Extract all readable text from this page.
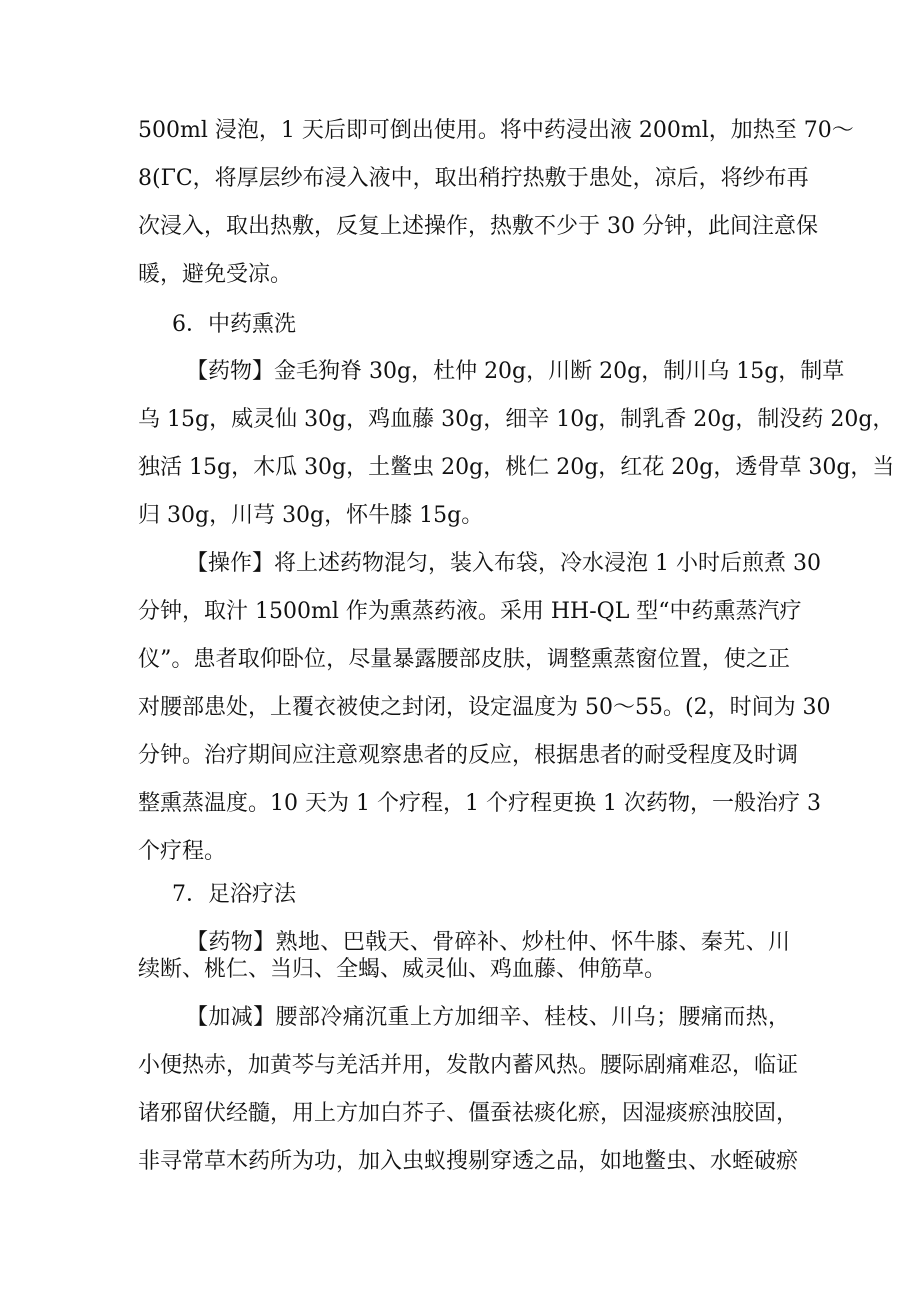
500ml 浸泡，1 天后即可倒出使用。将中药浸出液 200ml，加热至 70～
8(ΓC，将厚层纱布浸入液中，取出稍拧热敷于患处，凉后，将纱布再
次浸入，取出热敷，反复上述操作，热敷不少于 30 分钟，此间注意保
暖，避免受凉。
6．中药熏洗
【药物】金毛狗脊 30g，杜仲 20g，川断 20g，制川乌 15g，制草
乌 15g，威灵仙 30g，鸡血藤 30g，细辛 10g，制乳香 20g，制没药 20g，
独活 15g，木瓜 30g，土鳖虫 20g，桃仁 20g，红花 20g，透骨草 30g，当
归 30g，川芎 30g，怀牛膝 15g。
【操作】将上述药物混匀，装入布袋，冷水浸泡 1 小时后煎煮 30
分钟，取汁 1500ml 作为熏蒸药液。采用 HH-QL 型“中药熏蒸汽疗
仪”。患者取仰卧位，尽量暴露腰部皮肤，调整熏蒸窗位置，使之正
对腰部患处，上覆衣被使之封闭，设定温度为 50～55。(2，时间为 30
分钟。治疗期间应注意观察患者的反应，根据患者的耐受程度及时调
整熏蒸温度。10 天为 1 个疗程，1 个疗程更换 1 次药物，一般治疗 3
个疗程。
7．足浴疗法
【药物】熟地、巴戟天、骨碎补、炒杜仲、怀牛膝、秦艽、川
续断、桃仁、当归、全蝎、威灵仙、鸡血藤、伸筋草。
【加减】腰部冷痛沉重上方加细辛、桂枝、川乌；腰痛而热，
小便热赤，加黄芩与羌活并用，发散内蓄风热。腰际剧痛难忍，临证
诸邪留伏经髓，用上方加白芥子、僵蚕祛痰化瘀，因湿痰瘀浊胶固，
非寻常草木药所为功，加入虫蚁搜剔穿透之品，如地鳖虫、水蛭破瘀
